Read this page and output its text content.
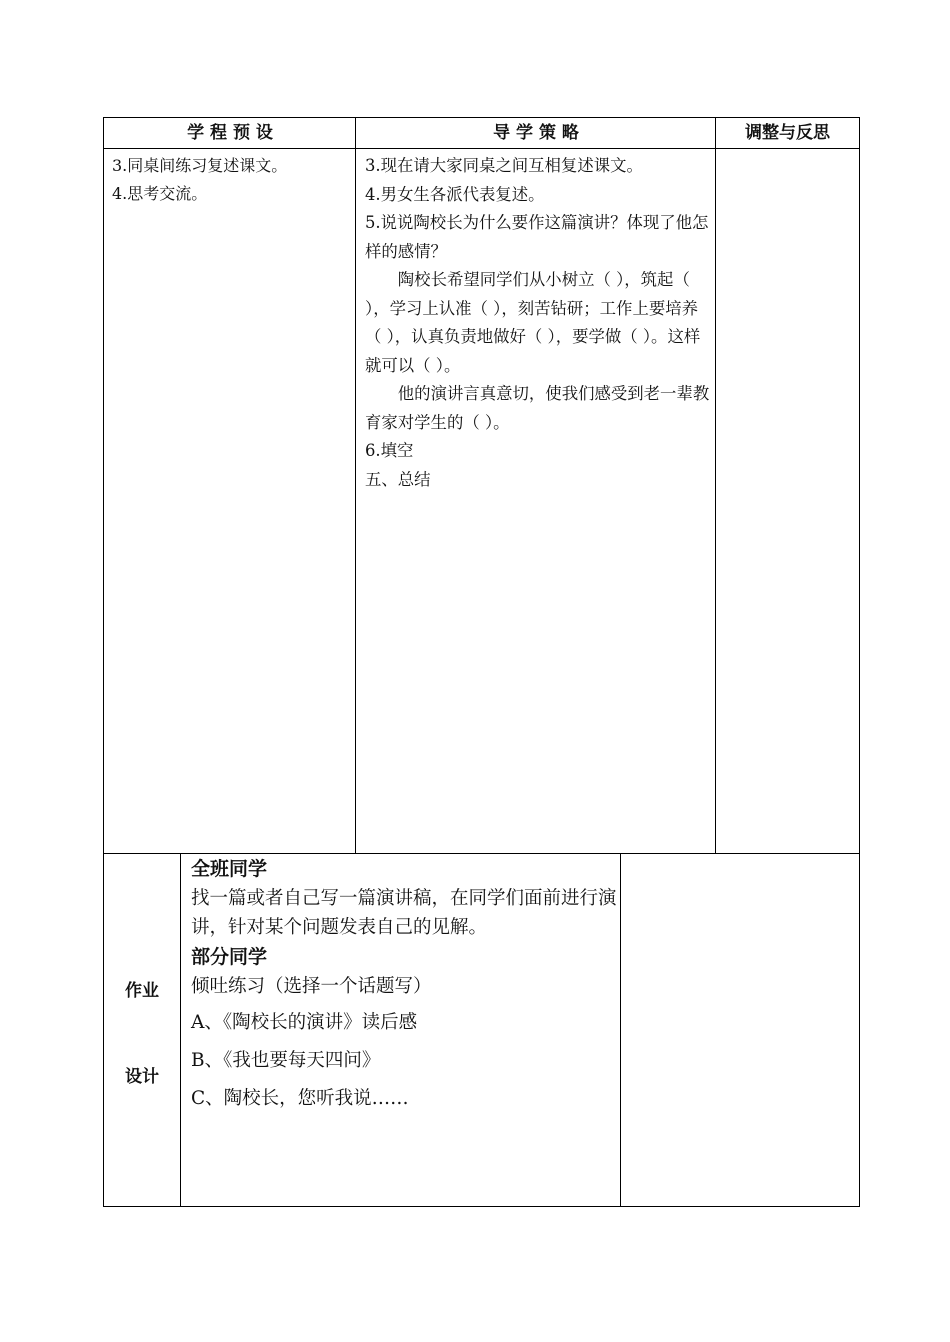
学 程 预 设	导 学 策 略	调整与反思

3.同桌间练习复述课文。

4.思考交流。

3.现在请大家同桌之间互相复述课文。

4.男女生各派代表复述。

5.说说陶校长为什么要作这篇演讲？体现了他怎样的感情？

陶校长希望同学们从小树立（ ），筑起（ ），学习上认准（ ），刻苦钻研；工作上要培养（ ），认真负责地做好（ ），要学做（ ）。这样就可以（ ）。

他的演讲言真意切，使我们感受到老一辈教育家对学生的（ ）。

6.填空

五、总结

作业
设计

全班同学

找一篇或者自己写一篇演讲稿，在同学们面前进行演讲，针对某个问题发表自己的见解。

部分同学

倾吐练习（选择一个话题写）

A、《陶校长的演讲》读后感

B、《我也要每天四问》

C、陶校长，您听我说……
